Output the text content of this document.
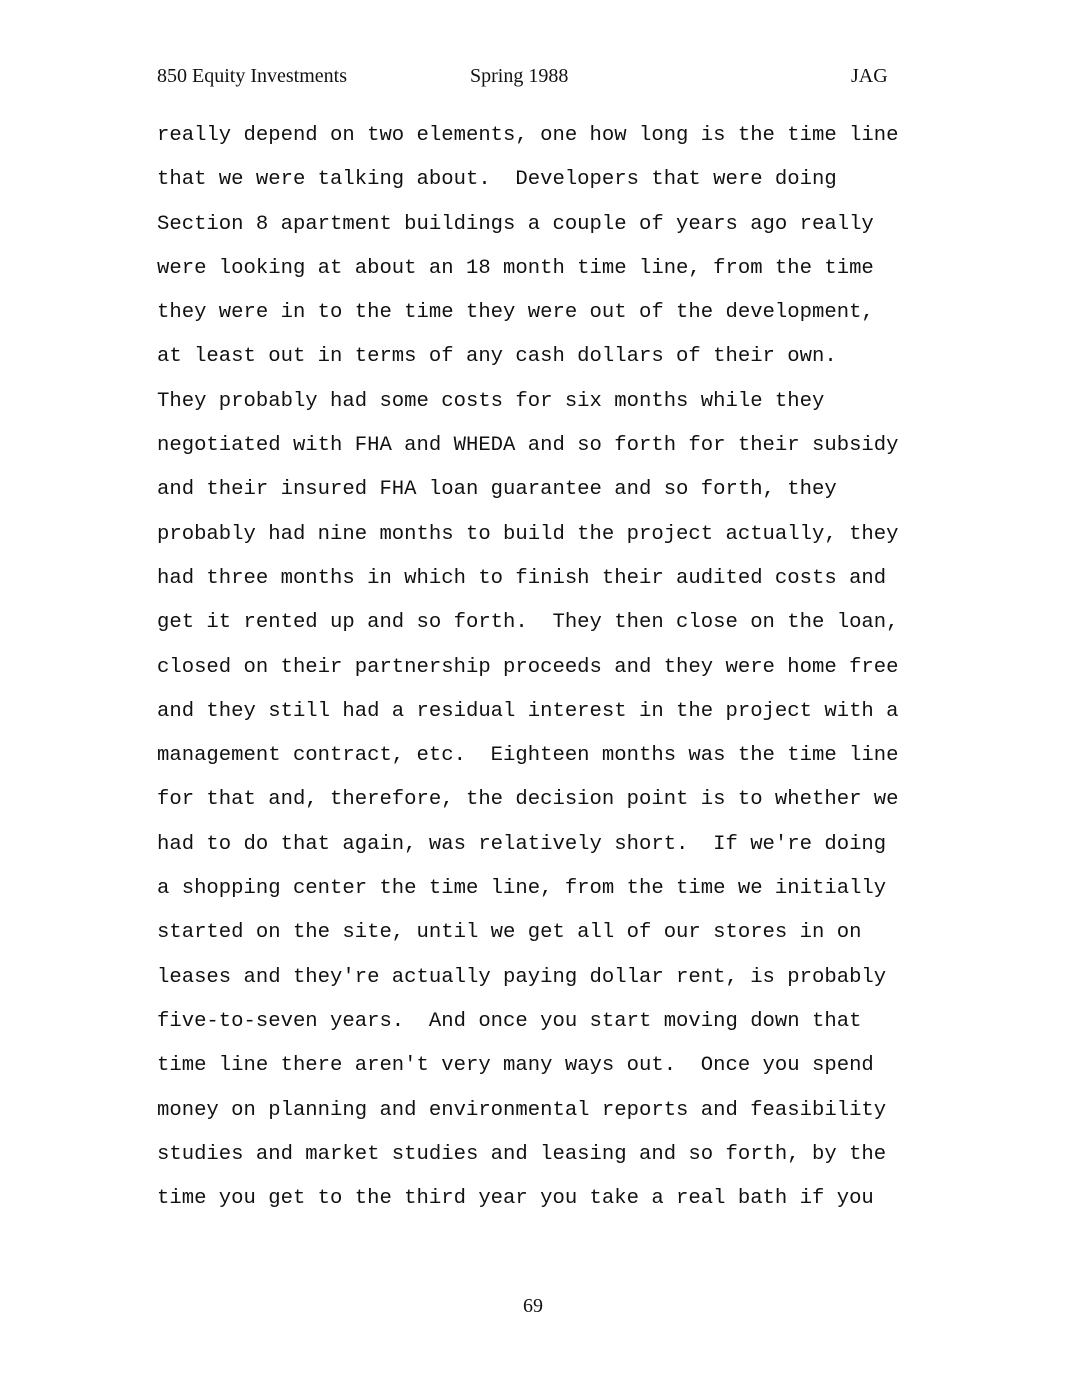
850 Equity Investments	Spring 1988	JAG
really depend on two elements, one how long is the time line
that we were talking about.  Developers that were doing
Section 8 apartment buildings a couple of years ago really
were looking at about an 18 month time line, from the time
they were in to the time they were out of the development,
at least out in terms of any cash dollars of their own.
They probably had some costs for six months while they
negotiated with FHA and WHEDA and so forth for their subsidy
and their insured FHA loan guarantee and so forth, they
probably had nine months to build the project actually, they
had three months in which to finish their audited costs and
get it rented up and so forth.  They then close on the loan,
closed on their partnership proceeds and they were home free
and they still had a residual interest in the project with a
management contract, etc.  Eighteen months was the time line
for that and, therefore, the decision point is to whether we
had to do that again, was relatively short.  If we're doing
a shopping center the time line, from the time we initially
started on the site, until we get all of our stores in on
leases and they're actually paying dollar rent, is probably
five-to-seven years.  And once you start moving down that
time line there aren't very many ways out.  Once you spend
money on planning and environmental reports and feasibility
studies and market studies and leasing and so forth, by the
time you get to the third year you take a real bath if you
69
